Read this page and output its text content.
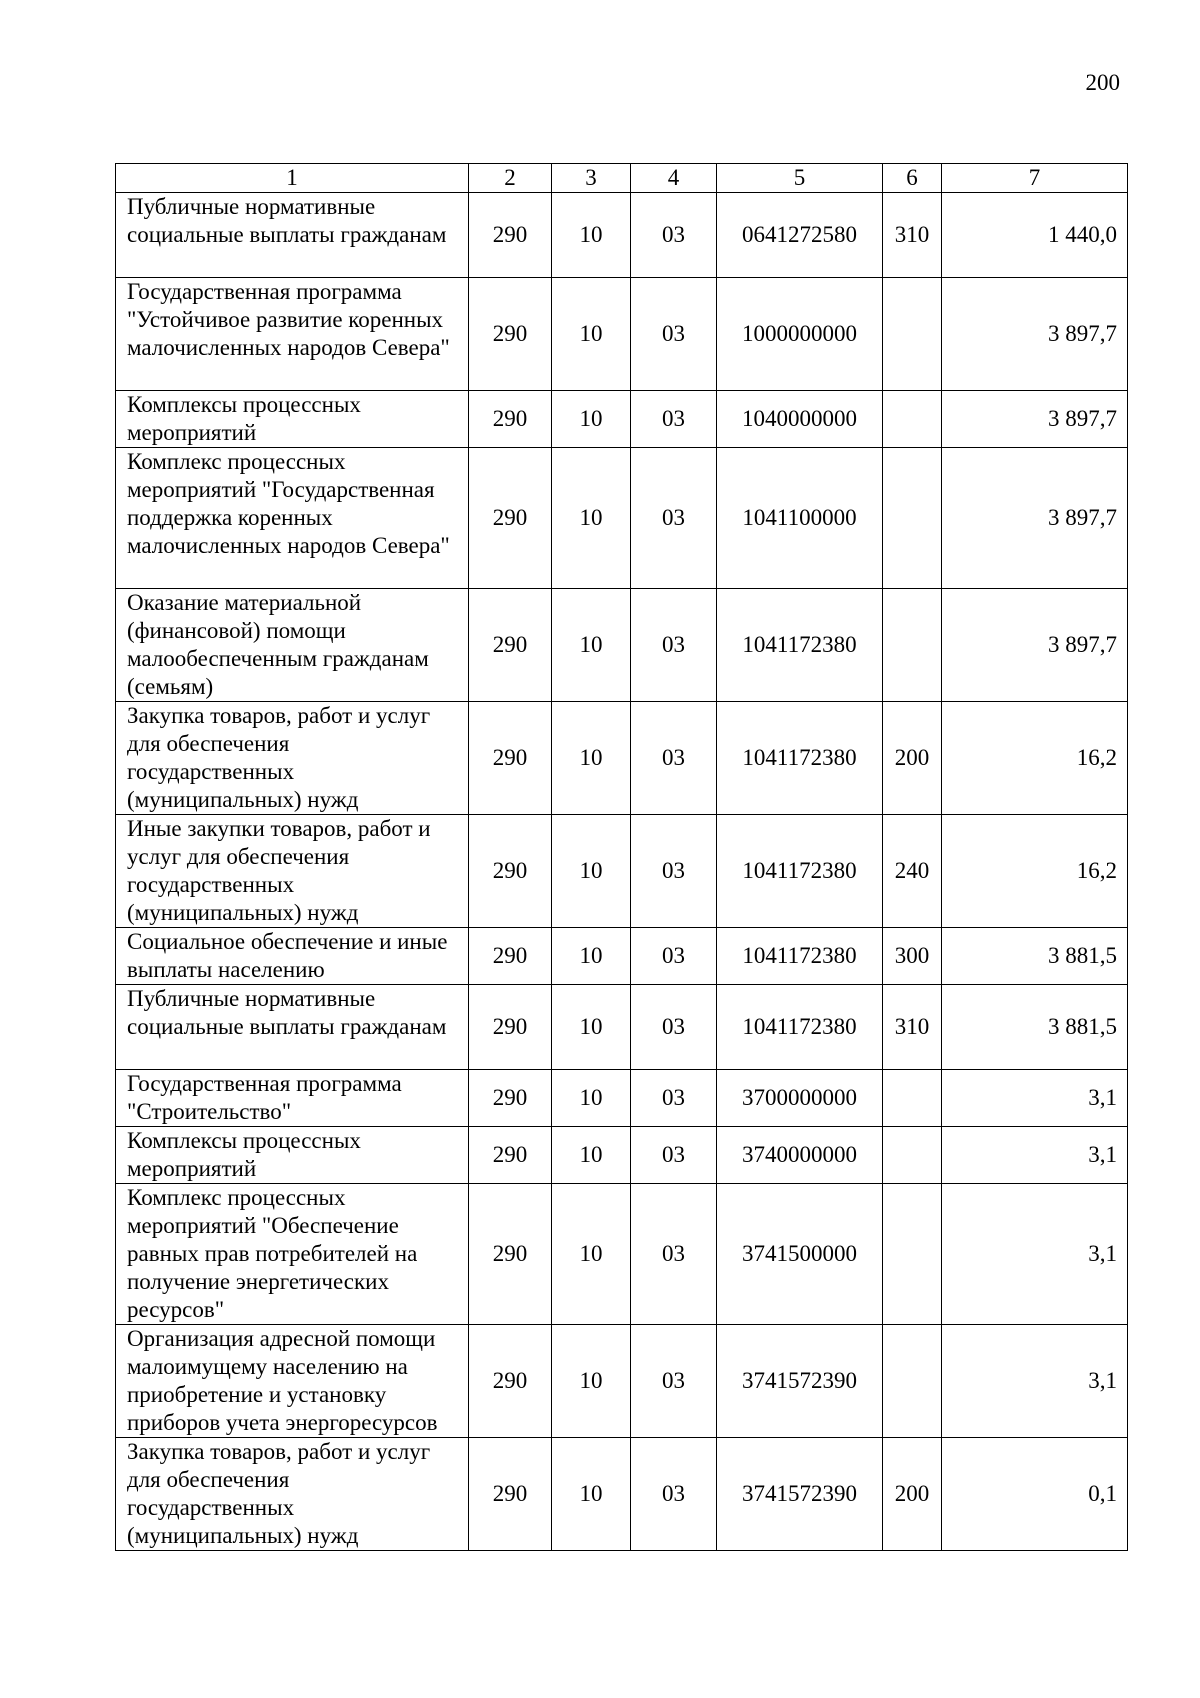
200
1	2	3	4	5	6	7
Публичные нормативные социальные выплаты гражданам	290	10	03	0641272580	310	1 440,0
Государственная программа "Устойчивое развитие коренных малочисленных народов Севера"	290	10	03	1000000000		3 897,7
Комплексы процессных мероприятий	290	10	03	1040000000		3 897,7
Комплекс процессных мероприятий "Государственная поддержка коренных малочисленных народов Севера"	290	10	03	1041100000		3 897,7
Оказание материальной (финансовой) помощи малообеспеченным гражданам (семьям)	290	10	03	1041172380		3 897,7
Закупка товаров, работ и услуг для обеспечения государственных (муниципальных) нужд	290	10	03	1041172380	200	16,2
Иные закупки товаров, работ и услуг для обеспечения государственных (муниципальных) нужд	290	10	03	1041172380	240	16,2
Социальное обеспечение и иные выплаты населению	290	10	03	1041172380	300	3 881,5
Публичные нормативные социальные выплаты гражданам	290	10	03	1041172380	310	3 881,5
Государственная программа "Строительство"	290	10	03	3700000000		3,1
Комплексы процессных мероприятий	290	10	03	3740000000		3,1
Комплекс процессных мероприятий "Обеспечение равных прав потребителей на получение энергетических ресурсов"	290	10	03	3741500000		3,1
Организация адресной помощи малоимущему населению на приобретение и установку приборов учета энергоресурсов	290	10	03	3741572390		3,1
Закупка товаров, работ и услуг для обеспечения государственных (муниципальных) нужд	290	10	03	3741572390	200	0,1
